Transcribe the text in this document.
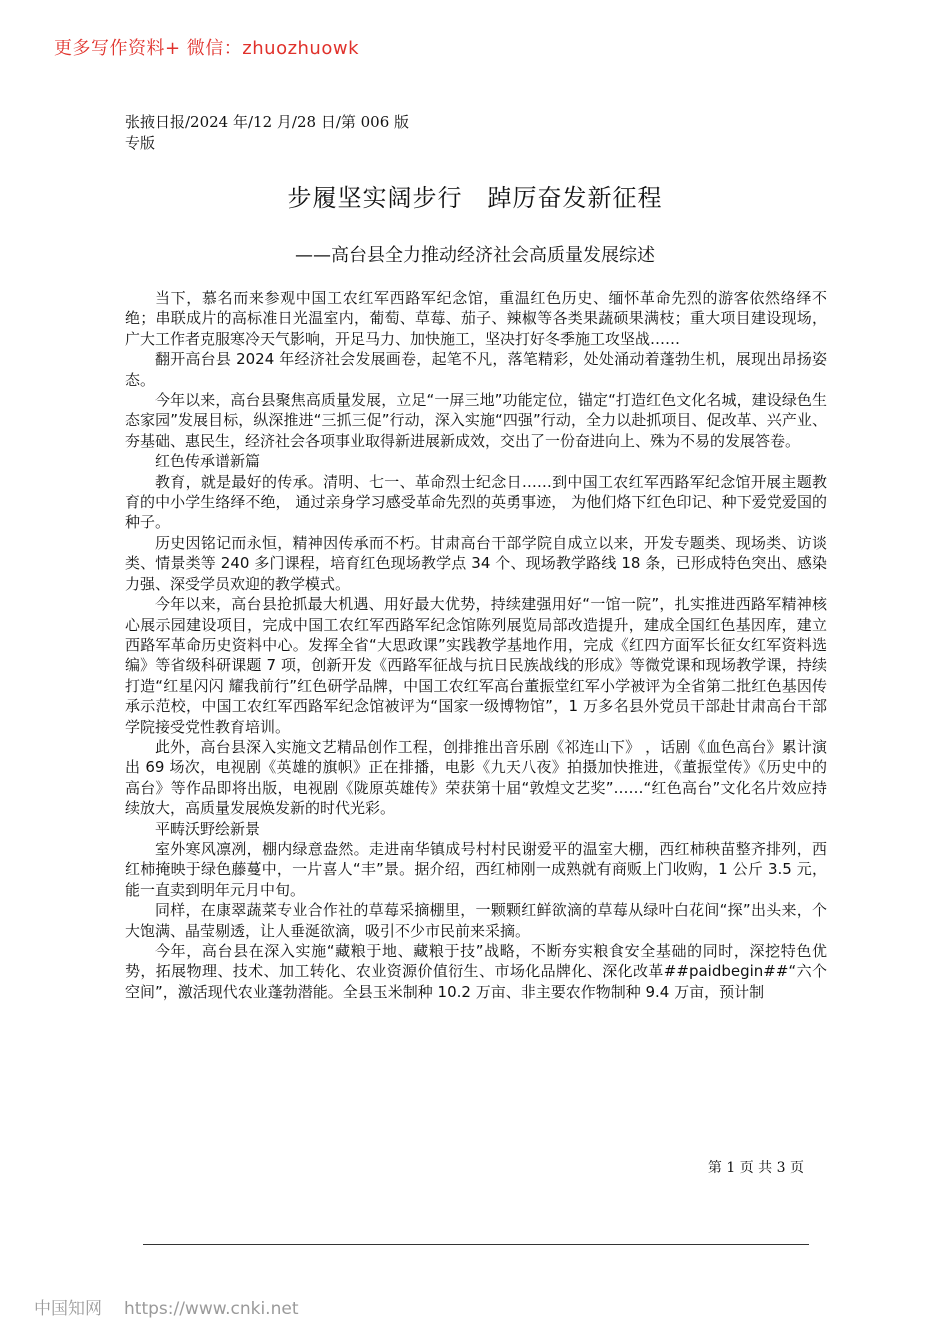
更多写作资料+ 微信：zhuozhuowk
张掖日报/2024 年/12 月/28 日/第 006 版专版
步履坚实阔步行　踔厉奋发新征程
——高台县全力推动经济社会高质量发展综述

当下，慕名而来参观中国工农红军西路军纪念馆，重温红色历史、缅怀革命先烈的游客依然络绎不绝；串联成片的高标准日光温室内，葡萄、草莓、茄子、辣椒等各类果蔬硕果满枝；重大项目建设现场，广大工作者克服寒冷天气影响，开足马力、加快施工，坚决打好冬季施工攻坚战……

翻开高台县 2024 年经济社会发展画卷，起笔不凡，落笔精彩，处处涌动着蓬勃生机，展现出昂扬姿态。

今年以来，高台县聚焦高质量发展，立足“一屏三地”功能定位，锚定“打造红色文化名城，建设绿色生态家园”发展目标，纵深推进“三抓三促”行动，深入实施“四强”行动，全力以赴抓项目、促改革、兴产业、夯基础、惠民生，经济社会各项事业取得新进展新成效，交出了一份奋进向上、殊为不易的发展答卷。

红色传承谱新篇

教育，就是最好的传承。清明、七一、革命烈士纪念日……到中国工农红军西路军纪念馆开展主题教育的中小学生络绎不绝， 通过亲身学习感受革命先烈的英勇事迹， 为他们烙下红色印记、种下爱党爱国的种子。

历史因铭记而永恒，精神因传承而不朽。甘肃高台干部学院自成立以来，开发专题类、现场类、访谈类、情景类等 240 多门课程，培育红色现场教学点 34 个、现场教学路线 18 条，已形成特色突出、感染力强、深受学员欢迎的教学模式。

今年以来，高台县抢抓最大机遇、用好最大优势，持续建强用好“一馆一院”，扎实推进西路军精神核心展示园建设项目，完成中国工农红军西路军纪念馆陈列展览局部改造提升，建成全国红色基因库，建立西路军革命历史资料中心。发挥全省“大思政课”实践教学基地作用，完成《红四方面军长征女红军资料选编》等省级科研课题 7 项，创新开发《西路军征战与抗日民族战线的形成》等微党课和现场教学课，持续打造“红星闪闪 耀我前行”红色研学品牌，中国工农红军高台董振堂红军小学被评为全省第二批红色基因传承示范校，中国工农红军西路军纪念馆被评为“国家一级博物馆”，1 万多名县外党员干部赴甘肃高台干部学院接受党性教育培训。

此外，高台县深入实施文艺精品创作工程，创排推出音乐剧《祁连山下》 ，话剧《血色高台》累计演出 69 场次，电视剧《英雄的旗帜》正在排播，电影《九天八夜》拍摄加快推进，《董振堂传》《历史中的高台》等作品即将出版，电视剧《陇原英雄传》荣获第十届“敦煌文艺奖”……“红色高台”文化名片效应持续放大，高质量发展焕发新的时代光彩。

平畴沃野绘新景

室外寒风凛冽，棚内绿意盎然。走进南华镇成号村村民谢爱平的温室大棚，西红柿秧苗整齐排列，西红柿掩映于绿色藤蔓中，一片喜人“丰”景。据介绍，西红柿刚一成熟就有商贩上门收购，1 公斤 3.5 元，能一直卖到明年元月中旬。

同样，在康翠蔬菜专业合作社的草莓采摘棚里，一颗颗红鲜欲滴的草莓从绿叶白花间“探”出头来，个大饱满、晶莹剔透，让人垂涎欲滴，吸引不少市民前来采摘。

今年，高台县在深入实施“藏粮于地、藏粮于技”战略，不断夯实粮食安全基础的同时，深挖特色优势，拓展物理、技术、加工转化、农业资源价值衍生、市场化品牌化、深化改革##paidbegin##“六个空间”，激活现代农业蓬勃潜能。全县玉米制种 10.2 万亩、非主要农作物制种 9.4 万亩，预计制

第 1 页 共 3 页
中国知网 https://www.cnki.net
